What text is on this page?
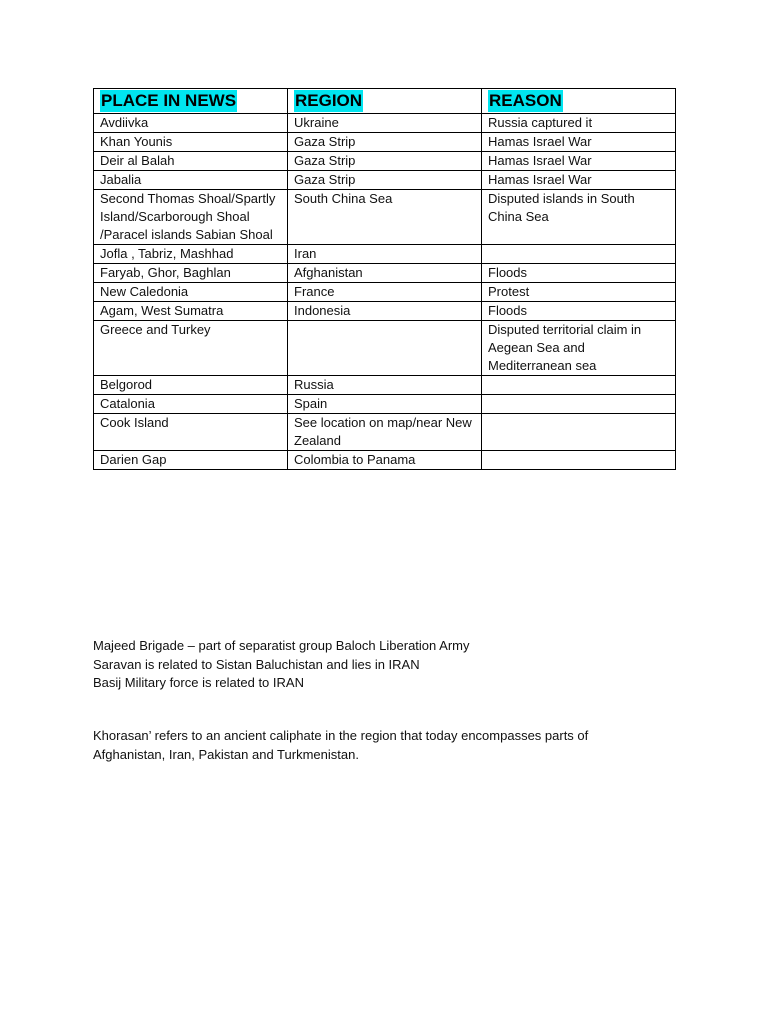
PLACE IN NEWS	REGION	REASON
Avdiivka	Ukraine	Russia captured it
Khan Younis	Gaza Strip	Hamas Israel War
Deir al Balah	Gaza Strip	Hamas Israel War
Jabalia	Gaza Strip	Hamas Israel War
Second Thomas Shoal/Spartly Island/Scarborough Shoal /Paracel islands Sabian Shoal	South China Sea	Disputed islands in South China Sea
Jofla , Tabriz, Mashhad	Iran	
Faryab, Ghor, Baghlan	Afghanistan	Floods
New Caledonia	France	Protest
Agam, West Sumatra	Indonesia	Floods
Greece and Turkey		Disputed territorial claim in Aegean Sea and Mediterranean sea
Belgorod	Russia	
Catalonia	Spain	
Cook Island	See location on map/near New Zealand	
Darien Gap	Colombia to Panama	

Majeed Brigade – part of separatist group Baloch Liberation Army

Saravan is related to Sistan Baluchistan and lies in IRAN

Basij Military force is related to IRAN

Khorasan’ refers to an ancient caliphate in the region that today encompasses parts of Afghanistan, Iran, Pakistan and Turkmenistan.
